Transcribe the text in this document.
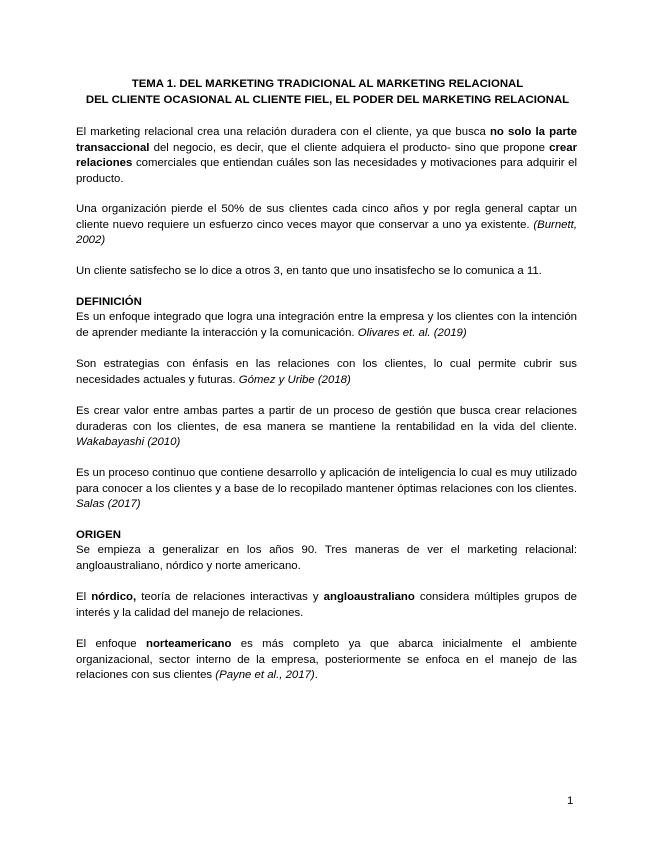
TEMA 1. DEL MARKETING TRADICIONAL AL MARKETING RELACIONAL
DEL CLIENTE OCASIONAL AL CLIENTE FIEL, EL PODER DEL MARKETING RELACIONAL

El marketing relacional crea una relación duradera con el cliente, ya que busca no solo la parte transaccional del negocio, es decir, que el cliente adquiera el producto- sino que propone crear relaciones comerciales que entiendan cuáles son las necesidades y motivaciones para adquirir el producto.

Una organización pierde el 50% de sus clientes cada cinco años y por regla general captar un cliente nuevo requiere un esfuerzo cinco veces mayor que conservar a uno ya existente. (Burnett, 2002)

Un cliente satisfecho se lo dice a otros 3, en tanto que uno insatisfecho se lo comunica a 11.

DEFINICIÓN

Es un enfoque integrado que logra una integración entre la empresa y los clientes con la intención de aprender mediante la interacción y la comunicación. Olivares et. al. (2019)

Son estrategias con énfasis en las relaciones con los clientes, lo cual permite cubrir sus necesidades actuales y futuras. Gómez y Uribe (2018)

Es crear valor entre ambas partes a partir de un proceso de gestión que busca crear relaciones duraderas con los clientes, de esa manera se mantiene la rentabilidad en la vida del cliente. Wakabayashi (2010)

Es un proceso continuo que contiene desarrollo y aplicación de inteligencia lo cual es muy utilizado para conocer a los clientes y a base de lo recopilado mantener óptimas relaciones con los clientes. Salas (2017)

ORIGEN

Se empieza a generalizar en los años 90. Tres maneras de ver el marketing relacional: angloaustraliano, nórdico y norte americano.

El nórdico, teoría de relaciones interactivas y angloaustraliano considera múltiples grupos de interés y la calidad del manejo de relaciones.

El enfoque norteamericano es más completo ya que abarca inicialmente el ambiente organizacional, sector interno de la empresa, posteriormente se enfoca en el manejo de las relaciones con sus clientes (Payne et al., 2017).

1
